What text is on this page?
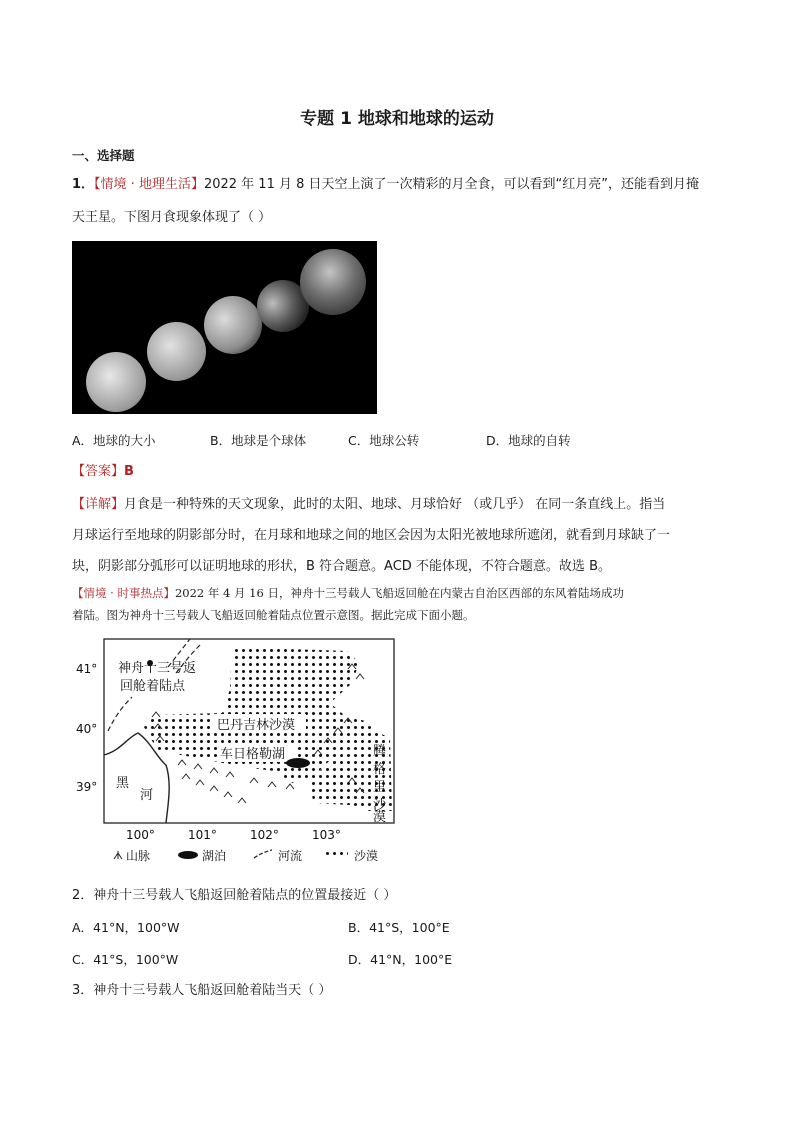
专题 1 地球和地球的运动
一、选择题
1．【情境 · 地理生活】2022 年 11 月 8 日天空上演了一次精彩的月全食，可以看到“红月亮”，还能看到月掩
天王星。下图月食现象体现了（ ）
A．地球的大小	B．地球是个球体	C．地球公转	D．地球的自转
【答案】B
【详解】月食是一种特殊的天文现象，此时的太阳、地球、月球恰好 （或几乎） 在同一条直线上。指当
月球运行至地球的阴影部分时，在月球和地球之间的地区会因为太阳光被地球所遮闭，就看到月球缺了一
块，阴影部分弧形可以证明地球的形状，B 符合题意。ACD 不能体现，不符合题意。故选 B。
【情境 · 时事热点】2022 年 4 月 16 日，神舟十三号载人飞船返回舱在内蒙古自治区西部的东风着陆场成功
着陆。图为神舟十三号载人飞船返回舱着陆点位置示意图。据此完成下面小题。
神舟十三号返
回舱着陆点
巴丹吉林沙漠
车日格勒湖	腾
格
里
沙
漠
黑
河
41°
40°
39°
100°	101°	102°	103°
山脉	湖泊	河流	沙漠
2．神舟十三号载人飞船返回舱着陆点的位置最接近（ ）
A．41°N，100°W	B．41°S，100°E
C．41°S，100°W	D．41°N，100°E
3．神舟十三号载人飞船返回舱着陆当天（ ）
